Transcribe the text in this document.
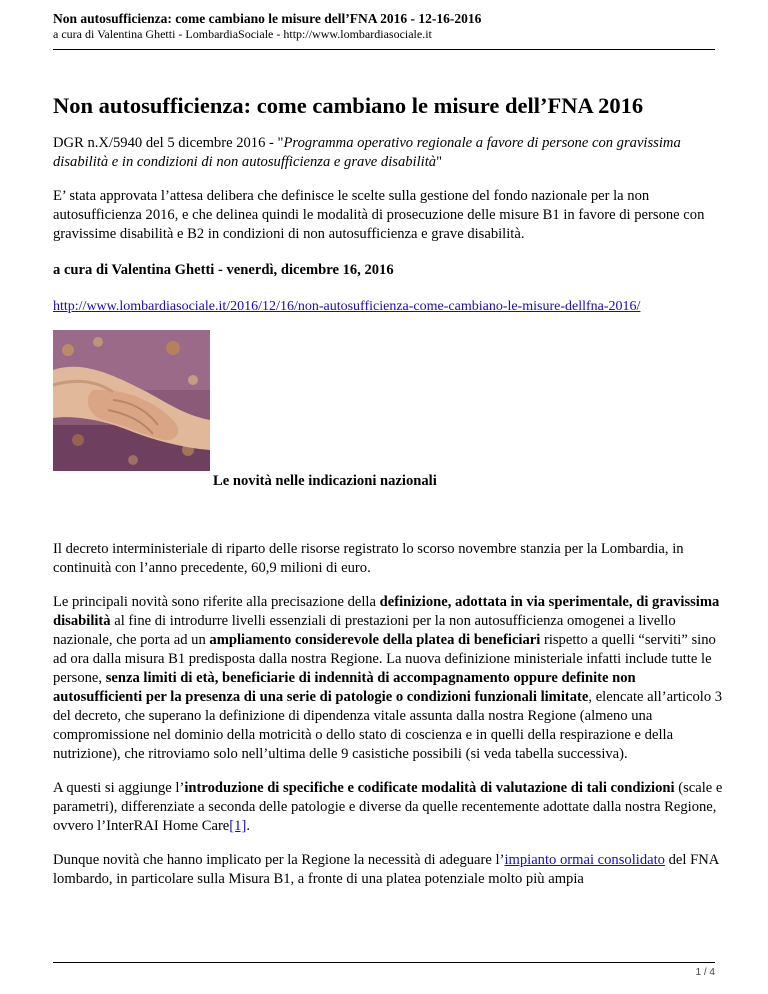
Non autosufficienza: come cambiano le misure dell’FNA 2016 - 12-16-2016
a cura di Valentina Ghetti - LombardiaSociale - http://www.lombardiasociale.it
Non autosufficienza: come cambiano le misure dell’FNA 2016

DGR n.X/5940 del 5 dicembre 2016 - "Programma operativo regionale a favore di persone con gravissima disabilità e in condizioni di non autosufficienza e grave disabilità"

E’ stata approvata l’attesa delibera che definisce le scelte sulla gestione del fondo nazionale per la non autosufficienza 2016, e che delinea quindi le modalità di prosecuzione delle misure B1 in favore di persone con gravissime disabilità e B2 in condizioni di non autosufficienza e grave disabilità.

a cura di Valentina Ghetti - venerdì, dicembre 16, 2016

http://www.lombardiasociale.it/2016/12/16/non-autosufficienza-come-cambiano-le-misure-dellfna-2016/

Le novità nelle indicazioni nazionali

Il decreto interministeriale di riparto delle risorse registrato lo scorso novembre stanzia per la Lombardia, in continuità con l’anno precedente, 60,9 milioni di euro.

Le principali novità sono riferite alla precisazione della definizione, adottata in via sperimentale, di gravissima disabilità al fine di introdurre livelli essenziali di prestazioni per la non autosufficienza omogenei a livello nazionale, che porta ad un ampliamento considerevole della platea di beneficiari rispetto a quelli “serviti” sino ad ora dalla misura B1 predisposta dalla nostra Regione. La nuova definizione ministeriale infatti include tutte le persone, senza limiti di età, beneficiarie di indennità di accompagnamento oppure definite non autosufficienti per la presenza di una serie di patologie o condizioni funzionali limitate, elencate all’articolo 3 del decreto, che superano la definizione di dipendenza vitale assunta dalla nostra Regione (almeno una compromissione nel dominio della motricità o dello stato di coscienza e in quelli della respirazione e della nutrizione), che ritroviamo solo nell’ultima delle 9 casistiche possibili (si veda tabella successiva).

A questi si aggiunge l’introduzione di specifiche e codificate modalità di valutazione di tali condizioni (scale e parametri), differenziate a seconda delle patologie e diverse da quelle recentemente adottate dalla nostra Regione, ovvero l’InterRAI Home Care[1].

Dunque novità che hanno implicato per la Regione la necessità di adeguare l’impianto ormai consolidato del FNA lombardo, in particolare sulla Misura B1, a fronte di una platea potenziale molto più ampia

1 / 4
